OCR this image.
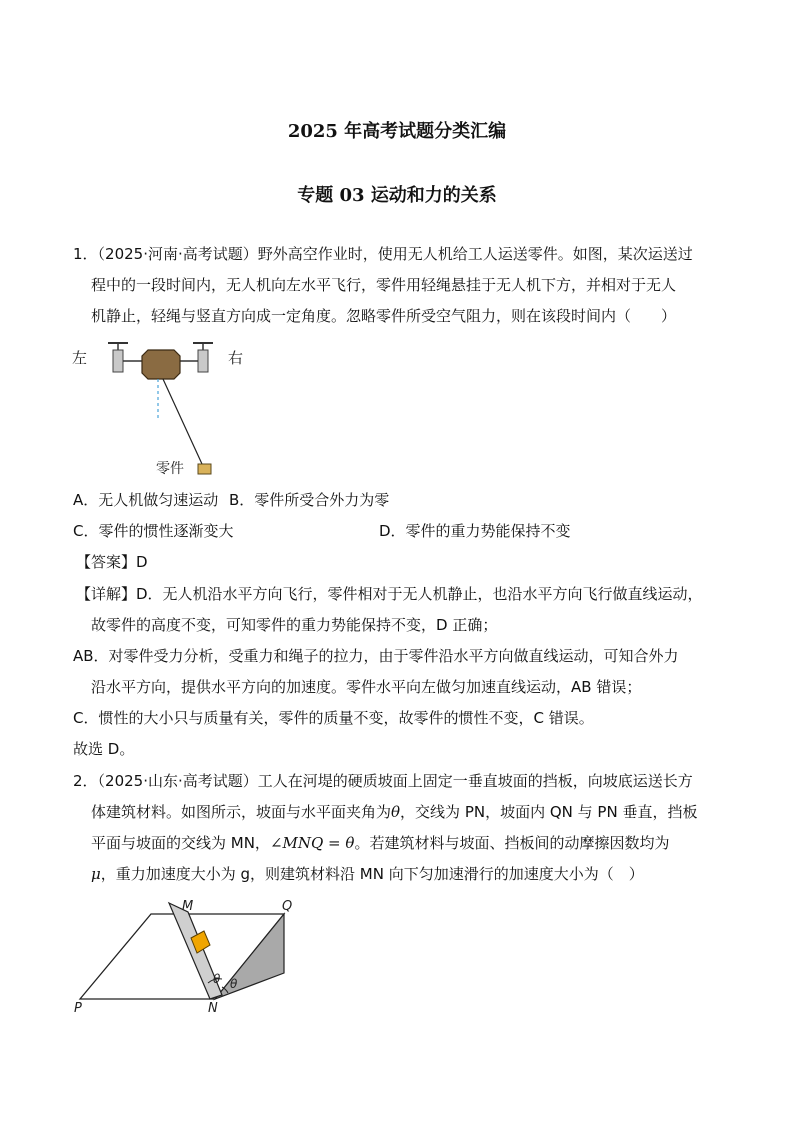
2025 年高考试题分类汇编
专题 03 运动和力的关系
1．（2025·河南·高考试题）野外高空作业时，使用无人机给工人运送零件。如图，某次运送过
程中的一段时间内，无人机向左水平飞行，零件用轻绳悬挂于无人机下方，并相对于无人
机静止，轻绳与竖直方向成一定角度。忽略零件所受空气阻力，则在该段时间内（　　）
左	右
零件
A．无人机做匀速运动 B．零件所受合外力为零
C．零件的惯性逐渐变大	D．零件的重力势能保持不变
【答案】D
【详解】D．无人机沿水平方向飞行，零件相对于无人机静止，也沿水平方向飞行做直线运动，
故零件的高度不变，可知零件的重力势能保持不变，D 正确；
AB．对零件受力分析，受重力和绳子的拉力，由于零件沿水平方向做直线运动，可知合外力
沿水平方向，提供水平方向的加速度。零件水平向左做匀加速直线运动，AB 错误；
C．惯性的大小只与质量有关，零件的质量不变，故零件的惯性不变，C 错误。
故选 D。
2．（2025·山东·高考试题）工人在河堤的硬质坡面上固定一垂直坡面的挡板，向坡底运送长方
体建筑材料。如图所示，坡面与水平面夹角为θ，交线为 PN，坡面内 QN 与 PN 垂直，挡板
平面与坡面的交线为 MN，∠MNQ = θ。若建筑材料与坡面、挡板间的动摩擦因数均为
μ，重力加速度大小为 g，则建筑材料沿 MN 向下匀加速滑行的加速度大小为（　）
θ θ
M	Q
P	N
